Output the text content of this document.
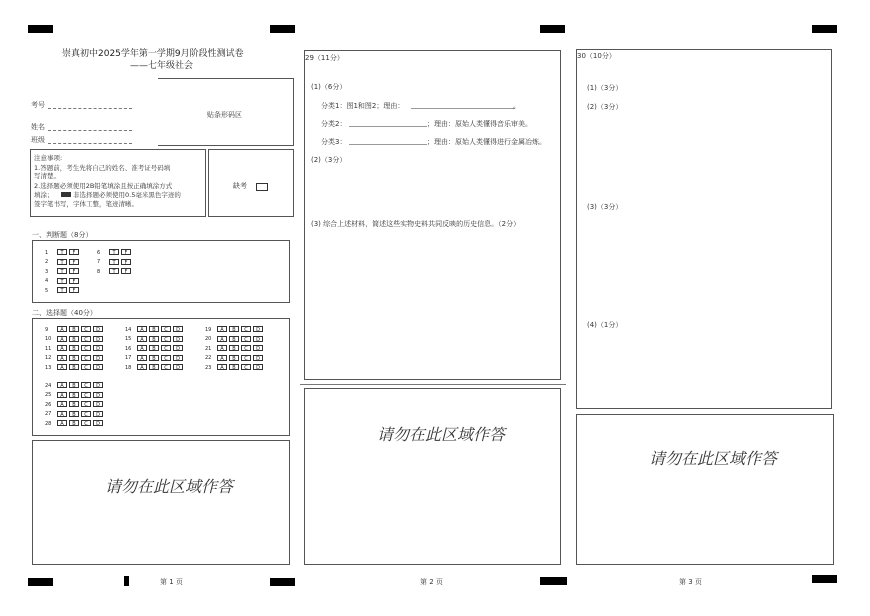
崇真初中2025学年第一学期9月阶段性测试卷
——七年级社会
考号
姓名
班级
贴条形码区
注意事项:
1.答题前，考生先将自己的姓名、准考证号码填
写清楚。
2.选择题必须使用2B铅笔填涂且按正确填涂方式
填涂；	非选择题必须使用0.5毫米黑色字迹的
签字笔书写，字体工整，笔迹清晰。
缺考
一、判断题（8分）
1 T F
2 T F
3 T F
4 T F
5 T F
6 T F
7 T F
8 T F
二、选择题（40分）
9 A B C D
10 A B C D
11 A B C D
12 A B C D
13 A B C D
14 A B C D
15 A B C D
16 A B C D
17 A B C D
18 A B C D
19 A B C D
20 A B C D
21 A B C D
22 A B C D
23 A B C D
24 A B C D
25 A B C D
26 A B C D
27 A B C D
28 A B C D
请勿在此区域作答
第 1 页
29（11分）
(1)（6分）
分类1：图1和图2；理由：	。
分类2：	；理由：原始人类懂得音乐审美。
分类3：	；理由：原始人类懂得进行金属冶炼。
(2)（3分）
(3) 综合上述材料，简述这些实物史料共同反映的历史信息。（2分）
请勿在此区域作答
第 2 页
30（10分）
(1)（3分）
(2)（3分）
(3)（3分）
(4)（1分）
请勿在此区域作答
第 3 页
